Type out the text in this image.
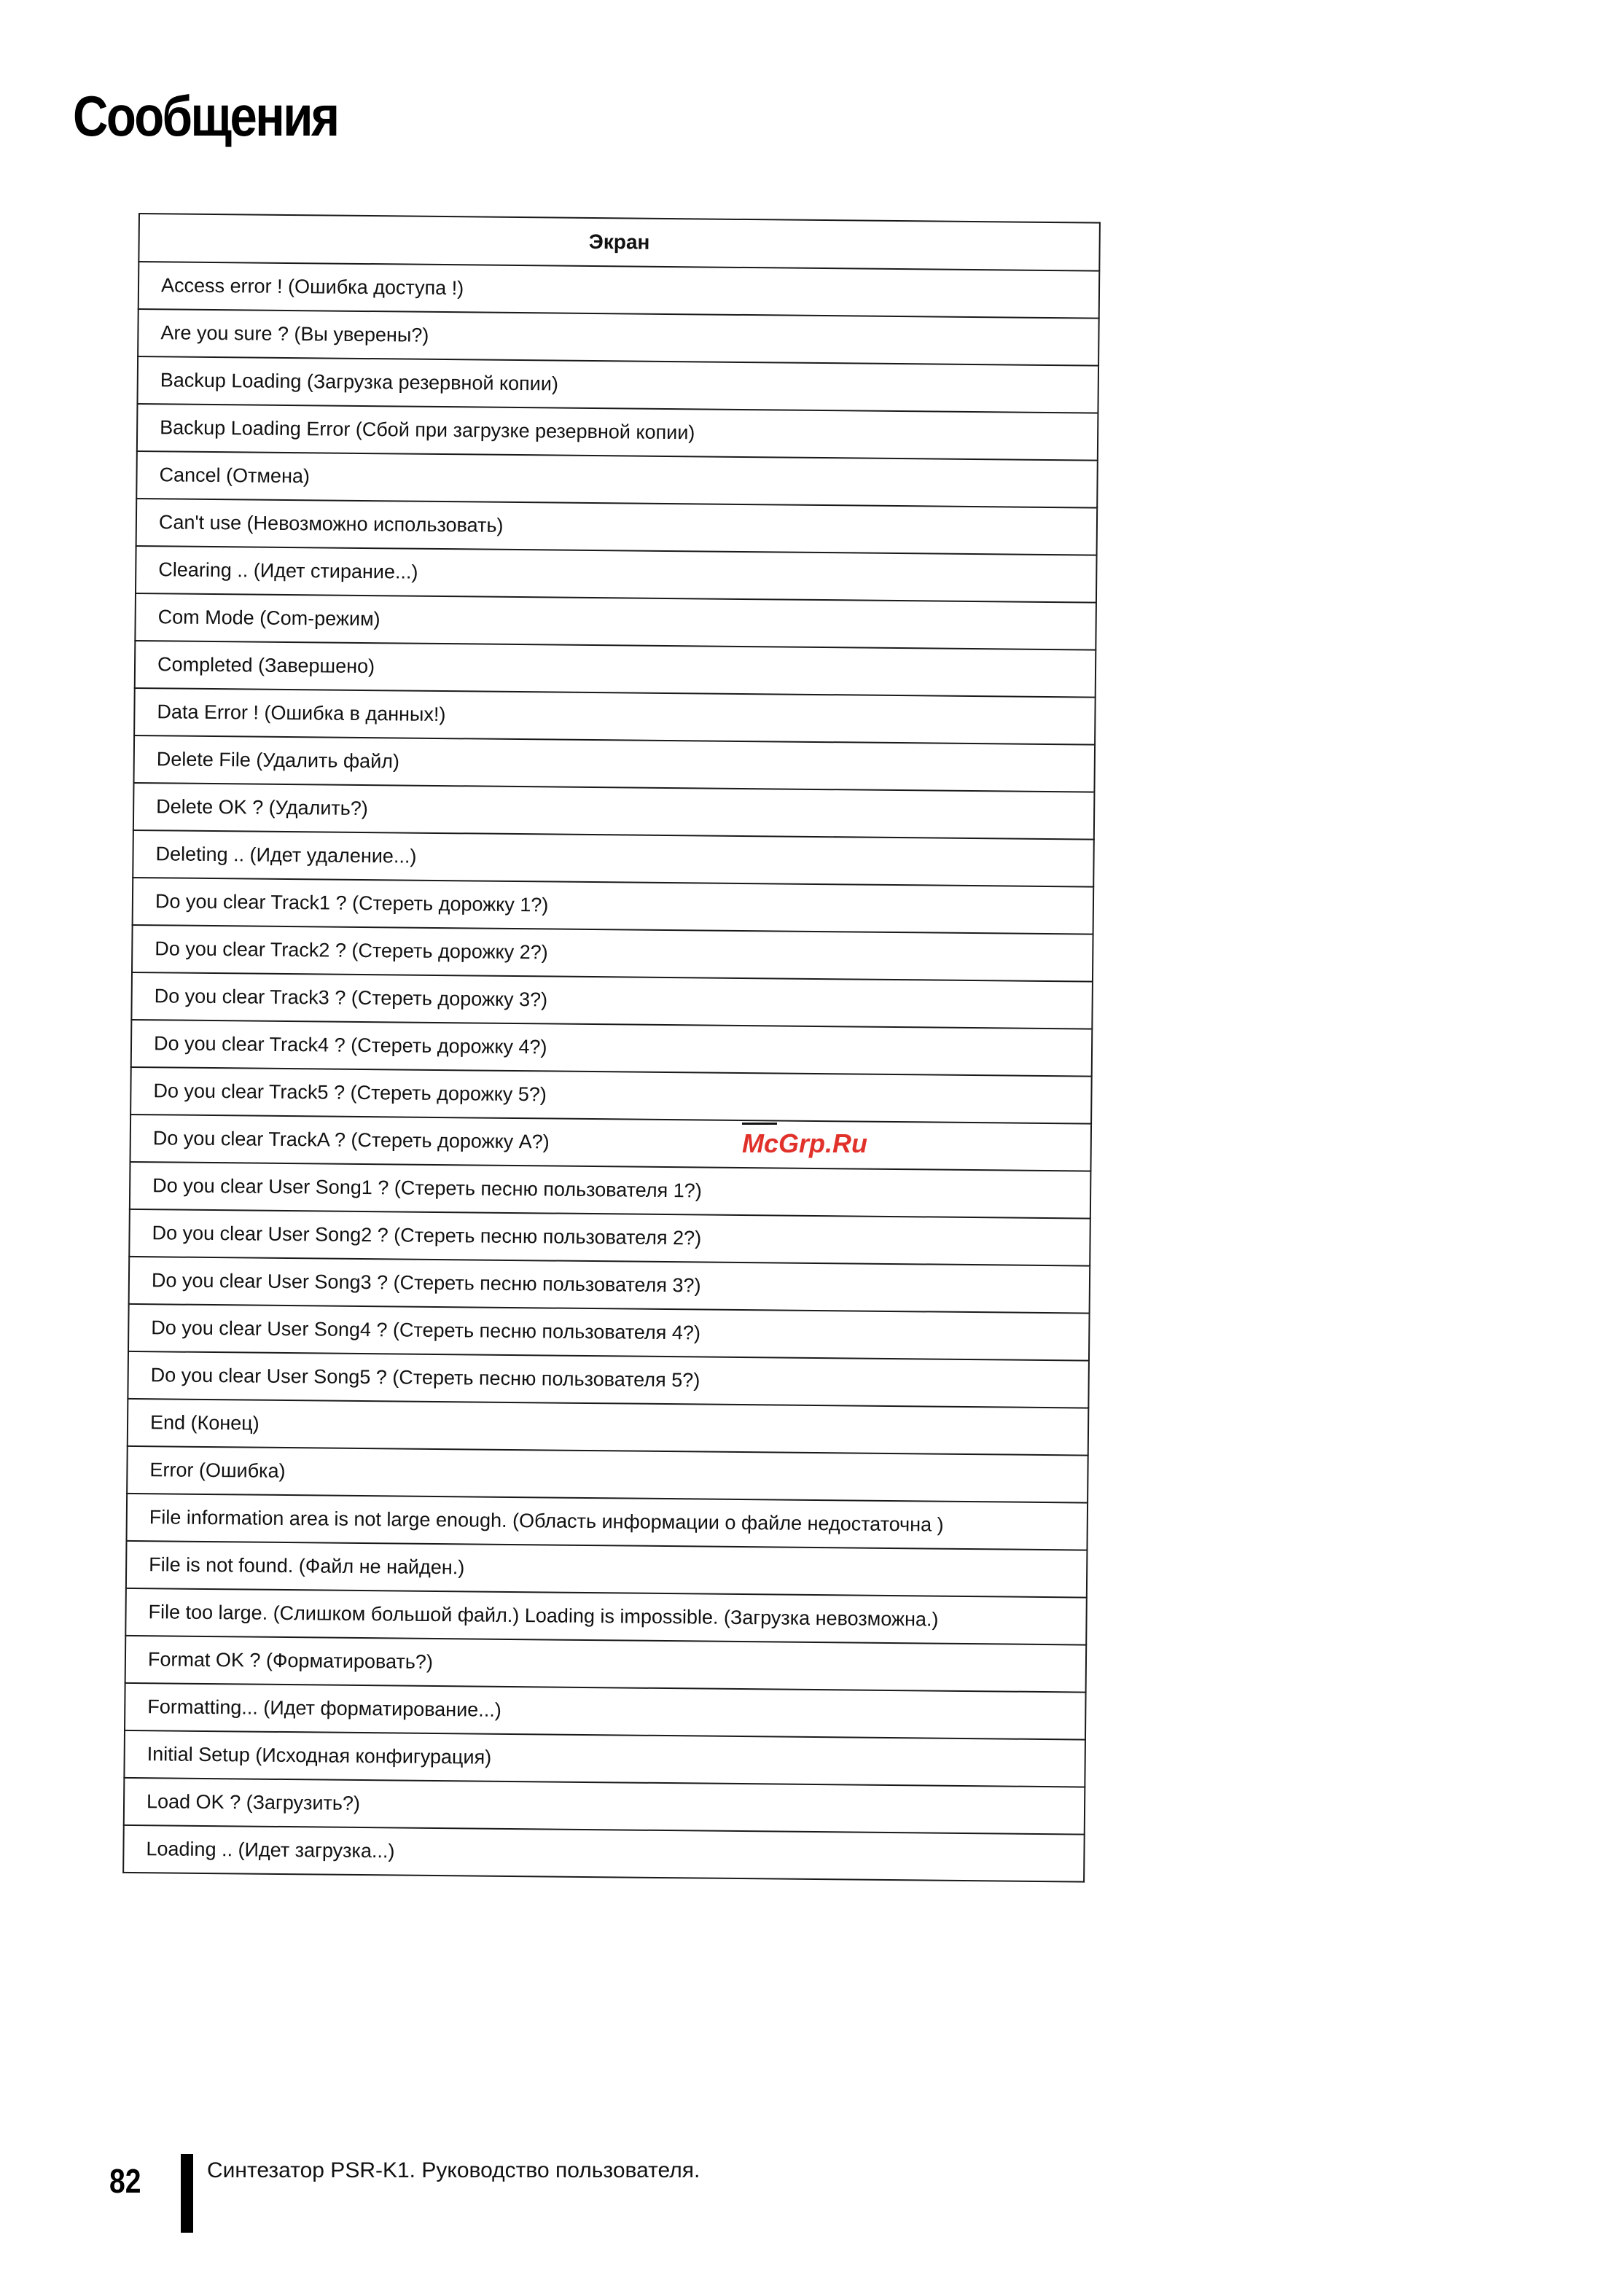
Сообщения
Экран
Access error ! (Ошибка доступа !)
Are you sure ? (Вы уверены?)
Backup Loading (Загрузка резервной копии)
Backup Loading Error (Сбой при загрузке резервной копии)
Cancel (Отмена)
Can't use (Невозможно использовать)
Clearing .. (Идет стирание...)
Com Mode (Com-режим)
Completed (Завершено)
Data Error ! (Ошибка в данных!)
Delete File (Удалить файл)
Delete OK ? (Удалить?)
Deleting .. (Идет удаление...)
Do you clear Track1 ? (Стереть дорожку 1?)
Do you clear Track2 ? (Стереть дорожку 2?)
Do you clear Track3 ? (Стереть дорожку 3?)
Do you clear Track4 ? (Стереть дорожку 4?)
Do you clear Track5 ? (Стереть дорожку 5?)
Do you clear TrackA ? (Стереть дорожку А?)
Do you clear User Song1 ? (Стереть песню пользователя 1?)
Do you clear User Song2 ? (Стереть песню пользователя 2?)
Do you clear User Song3 ? (Стереть песню пользователя 3?)
Do you clear User Song4 ? (Стереть песню пользователя 4?)
Do you clear User Song5 ? (Стереть песню пользователя 5?)
End (Конец)
Error (Ошибка)
File information area is not large enough. (Область информации о файле недостаточна )
File is not found. (Файл не найден.)
File too large. (Слишком большой файл.) Loading is impossible. (Загрузка невозможна.)
Format OK ? (Форматировать?)
Formatting... (Идет форматирование...)
Initial Setup (Исходная конфигурация)
Load OK ? (Загрузить?)
Loading .. (Идет загрузка...)
McGrp.Ru
82	Синтезатор PSR-K1. Руководство пользователя.
